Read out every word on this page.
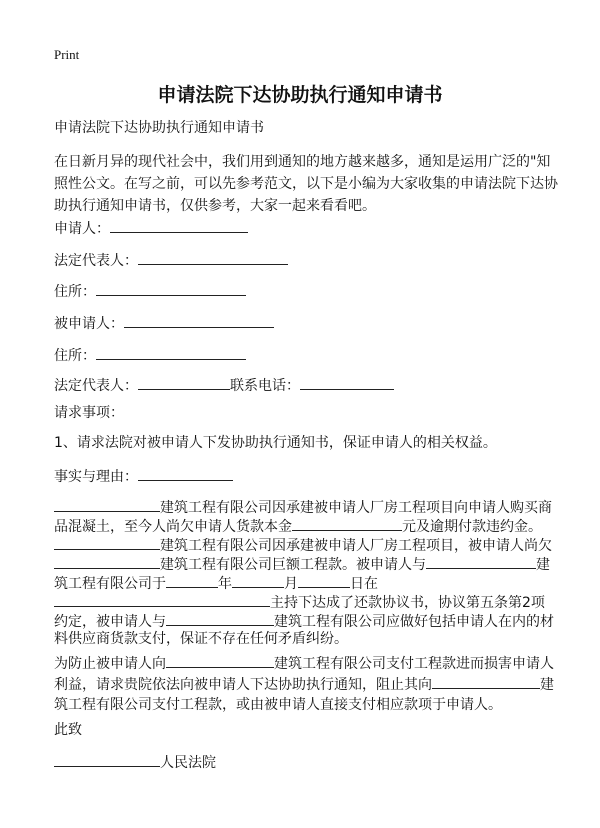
Print
申请法院下达协助执行通知申请书
申请法院下达协助执行通知申请书
在日新月异的现代社会中，我们用到通知的地方越来越多，通知是运用广泛的"知
照性公文。在写之前，可以先参考范文，以下是小编为大家收集的申请法院下达协
助执行通知申请书，仅供参考，大家一起来看看吧。
申请人：
法定代表人：
住所：
被申请人：
住所：
法定代表人：	联系电话：
请求事项：
1、请求法院对被申请人下发协助执行通知书，保证申请人的相关权益。
事实与理由：
建筑工程有限公司因承建被申请人厂房工程项目向申请人购买商
品混凝土，至今人尚欠申请人货款本金	元及逾期付款违约金。
建筑工程有限公司因承建被申请人厂房工程项目，被申请人尚欠
建筑工程有限公司巨额工程款。被申请人与	建
筑工程有限公司于	年	月	日在
主持下达成了还款协议书，协议第五条第2项
约定，被申请人与	建筑工程有限公司应做好包括申请人在内的材
料供应商货款支付，保证不存在任何矛盾纠纷。
为防止被申请人向	建筑工程有限公司支付工程款进而损害申请人
利益，请求贵院依法向被申请人下达协助执行通知，阻止其向	建
筑工程有限公司支付工程款，或由被申请人直接支付相应款项于申请人。
此致
人民法院
